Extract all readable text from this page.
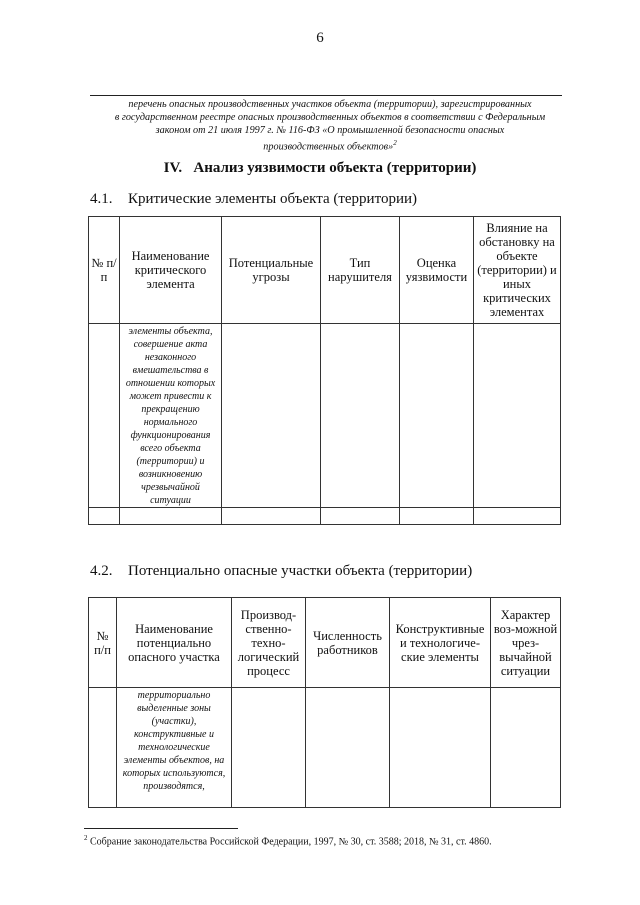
6
перечень опасных производственных участков объекта (территории), зарегистрированных
в государственном реестре опасных производственных объектов в соответствии с Федеральным
законом от 21 июля 1997 г. № 116-ФЗ «О промышленной безопасности опасных
производственных объектов»$^2$
IV.   Анализ уязвимости объекта (территории)
4.1. Критические элементы объекта (территории)
№ п/п	Наименование критического элемента	Потенциальные угрозы	Тип нарушителя	Оценка уязвимости	Влияние на обстановку на объекте (территории) и иных критических элементах
	элементы объекта, совершение акта незаконного вмешательства в отношении которых может привести к прекращению нормального функционирования всего объекта (территории) и возникновению чрезвычайной ситуации				

4.2. Потенциально опасные участки объекта (территории)
№ п/п	Наименование потенциально опасного участка	Производ-ственно-техно-логический процесс	Численность работников	Конструктивные и технологиче-ские элементы	Характер воз-можной чрез-вычайной ситуации
	территориально выделенные зоны (участки), конструктивные и технологические элементы объектов, на которых используются, производятся,				
$^2$ Собрание законодательства Российской Федерации, 1997, № 30, ст. 3588; 2018, № 31, ст. 4860.
